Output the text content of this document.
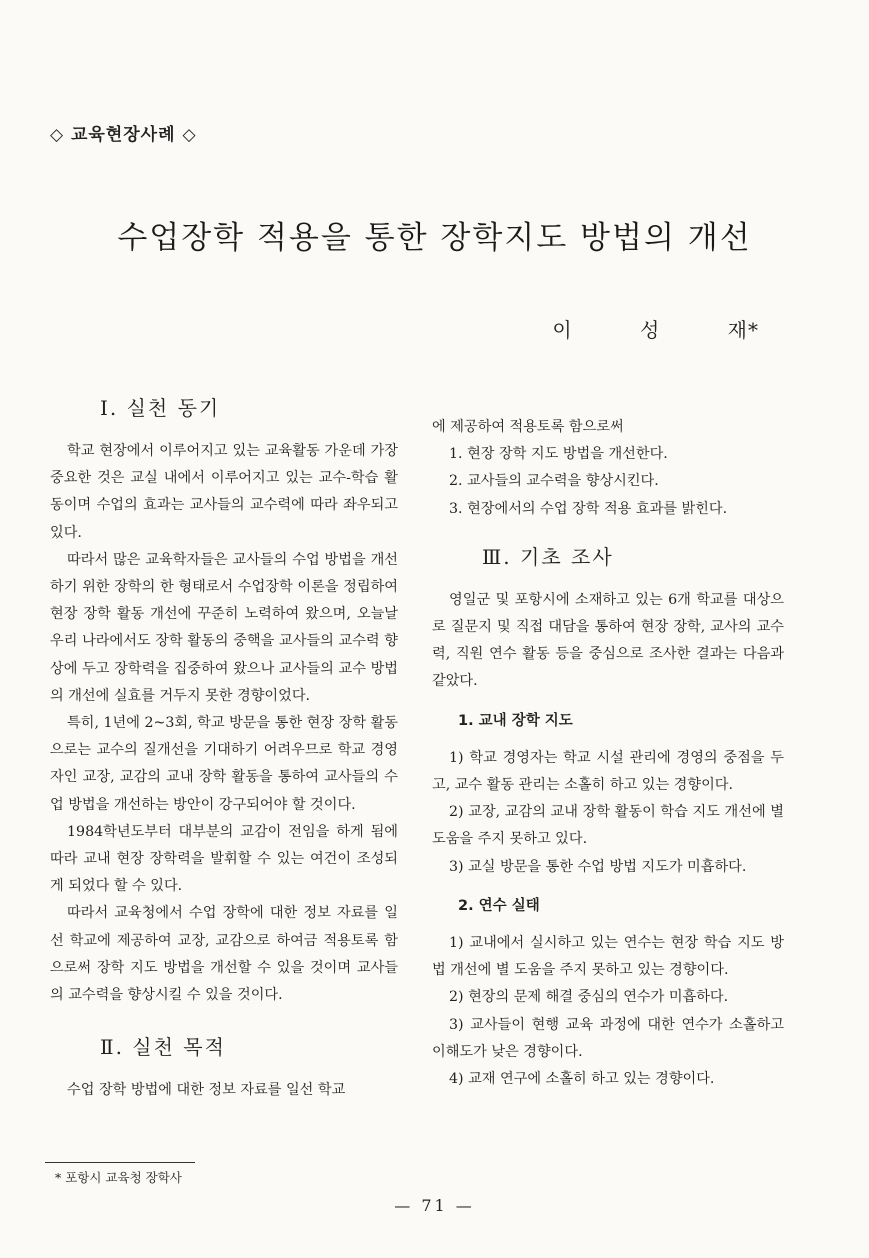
◇ 교육현장사례 ◇
수업장학 적용을 통한 장학지도 방법의 개선
이 성 재*
Ⅰ. 실천 동기

학교 현장에서 이루어지고 있는 교육활동 가운데 가장 중요한 것은 교실 내에서 이루어지고 있는 교수-학습 활동이며 수업의 효과는 교사들의 교수력에 따라 좌우되고 있다.

따라서 많은 교육학자들은 교사들의 수업 방법을 개선하기 위한 장학의 한 형태로서 수업장학 이론을 정립하여 현장 장학 활동 개선에 꾸준히 노력하여 왔으며, 오늘날 우리 나라에서도 장학 활동의 중핵을 교사들의 교수력 향상에 두고 장학력을 집중하여 왔으나 교사들의 교수 방법의 개선에 실효를 거두지 못한 경향이었다.

특히, 1년에 2~3회, 학교 방문을 통한 현장 장학 활동으로는 교수의 질개선을 기대하기 어려우므로 학교 경영자인 교장, 교감의 교내 장학 활동을 통하여 교사들의 수업 방법을 개선하는 방안이 강구되어야 할 것이다.

1984학년도부터 대부분의 교감이 전임을 하게 됨에 따라 교내 현장 장학력을 발휘할 수 있는 여건이 조성되게 되었다 할 수 있다.

따라서 교육청에서 수업 장학에 대한 정보 자료를 일선 학교에 제공하여 교장, 교감으로 하여금 적용토록 함으로써 장학 지도 방법을 개선할 수 있을 것이며 교사들의 교수력을 향상시킬 수 있을 것이다.

Ⅱ. 실천 목적

수업 장학 방법에 대한 정보 자료를 일선 학교

에 제공하여 적용토록 함으로써

1. 현장 장학 지도 방법을 개선한다.

2. 교사들의 교수력을 향상시킨다.

3. 현장에서의 수업 장학 적용 효과를 밝힌다.

Ⅲ. 기초 조사

영일군 및 포항시에 소재하고 있는 6개 학교를 대상으로 질문지 및 직접 대담을 통하여 현장 장학, 교사의 교수력, 직원 연수 활동 등을 중심으로 조사한 결과는 다음과 같았다.

1. 교내 장학 지도

1) 학교 경영자는 학교 시설 관리에 경영의 중점을 두고, 교수 활동 관리는 소홀히 하고 있는 경향이다.

2) 교장, 교감의 교내 장학 활동이 학습 지도 개선에 별 도움을 주지 못하고 있다.

3) 교실 방문을 통한 수업 방법 지도가 미흡하다.

2. 연수 실태

1) 교내에서 실시하고 있는 연수는 현장 학습 지도 방법 개선에 별 도움을 주지 못하고 있는 경향이다.

2) 현장의 문제 해결 중심의 연수가 미흡하다.

3) 교사들이 현행 교육 과정에 대한 연수가 소홀하고 이해도가 낮은 경향이다.

4) 교재 연구에 소홀히 하고 있는 경향이다.

* 포항시 교육청 장학사
— 71 —
